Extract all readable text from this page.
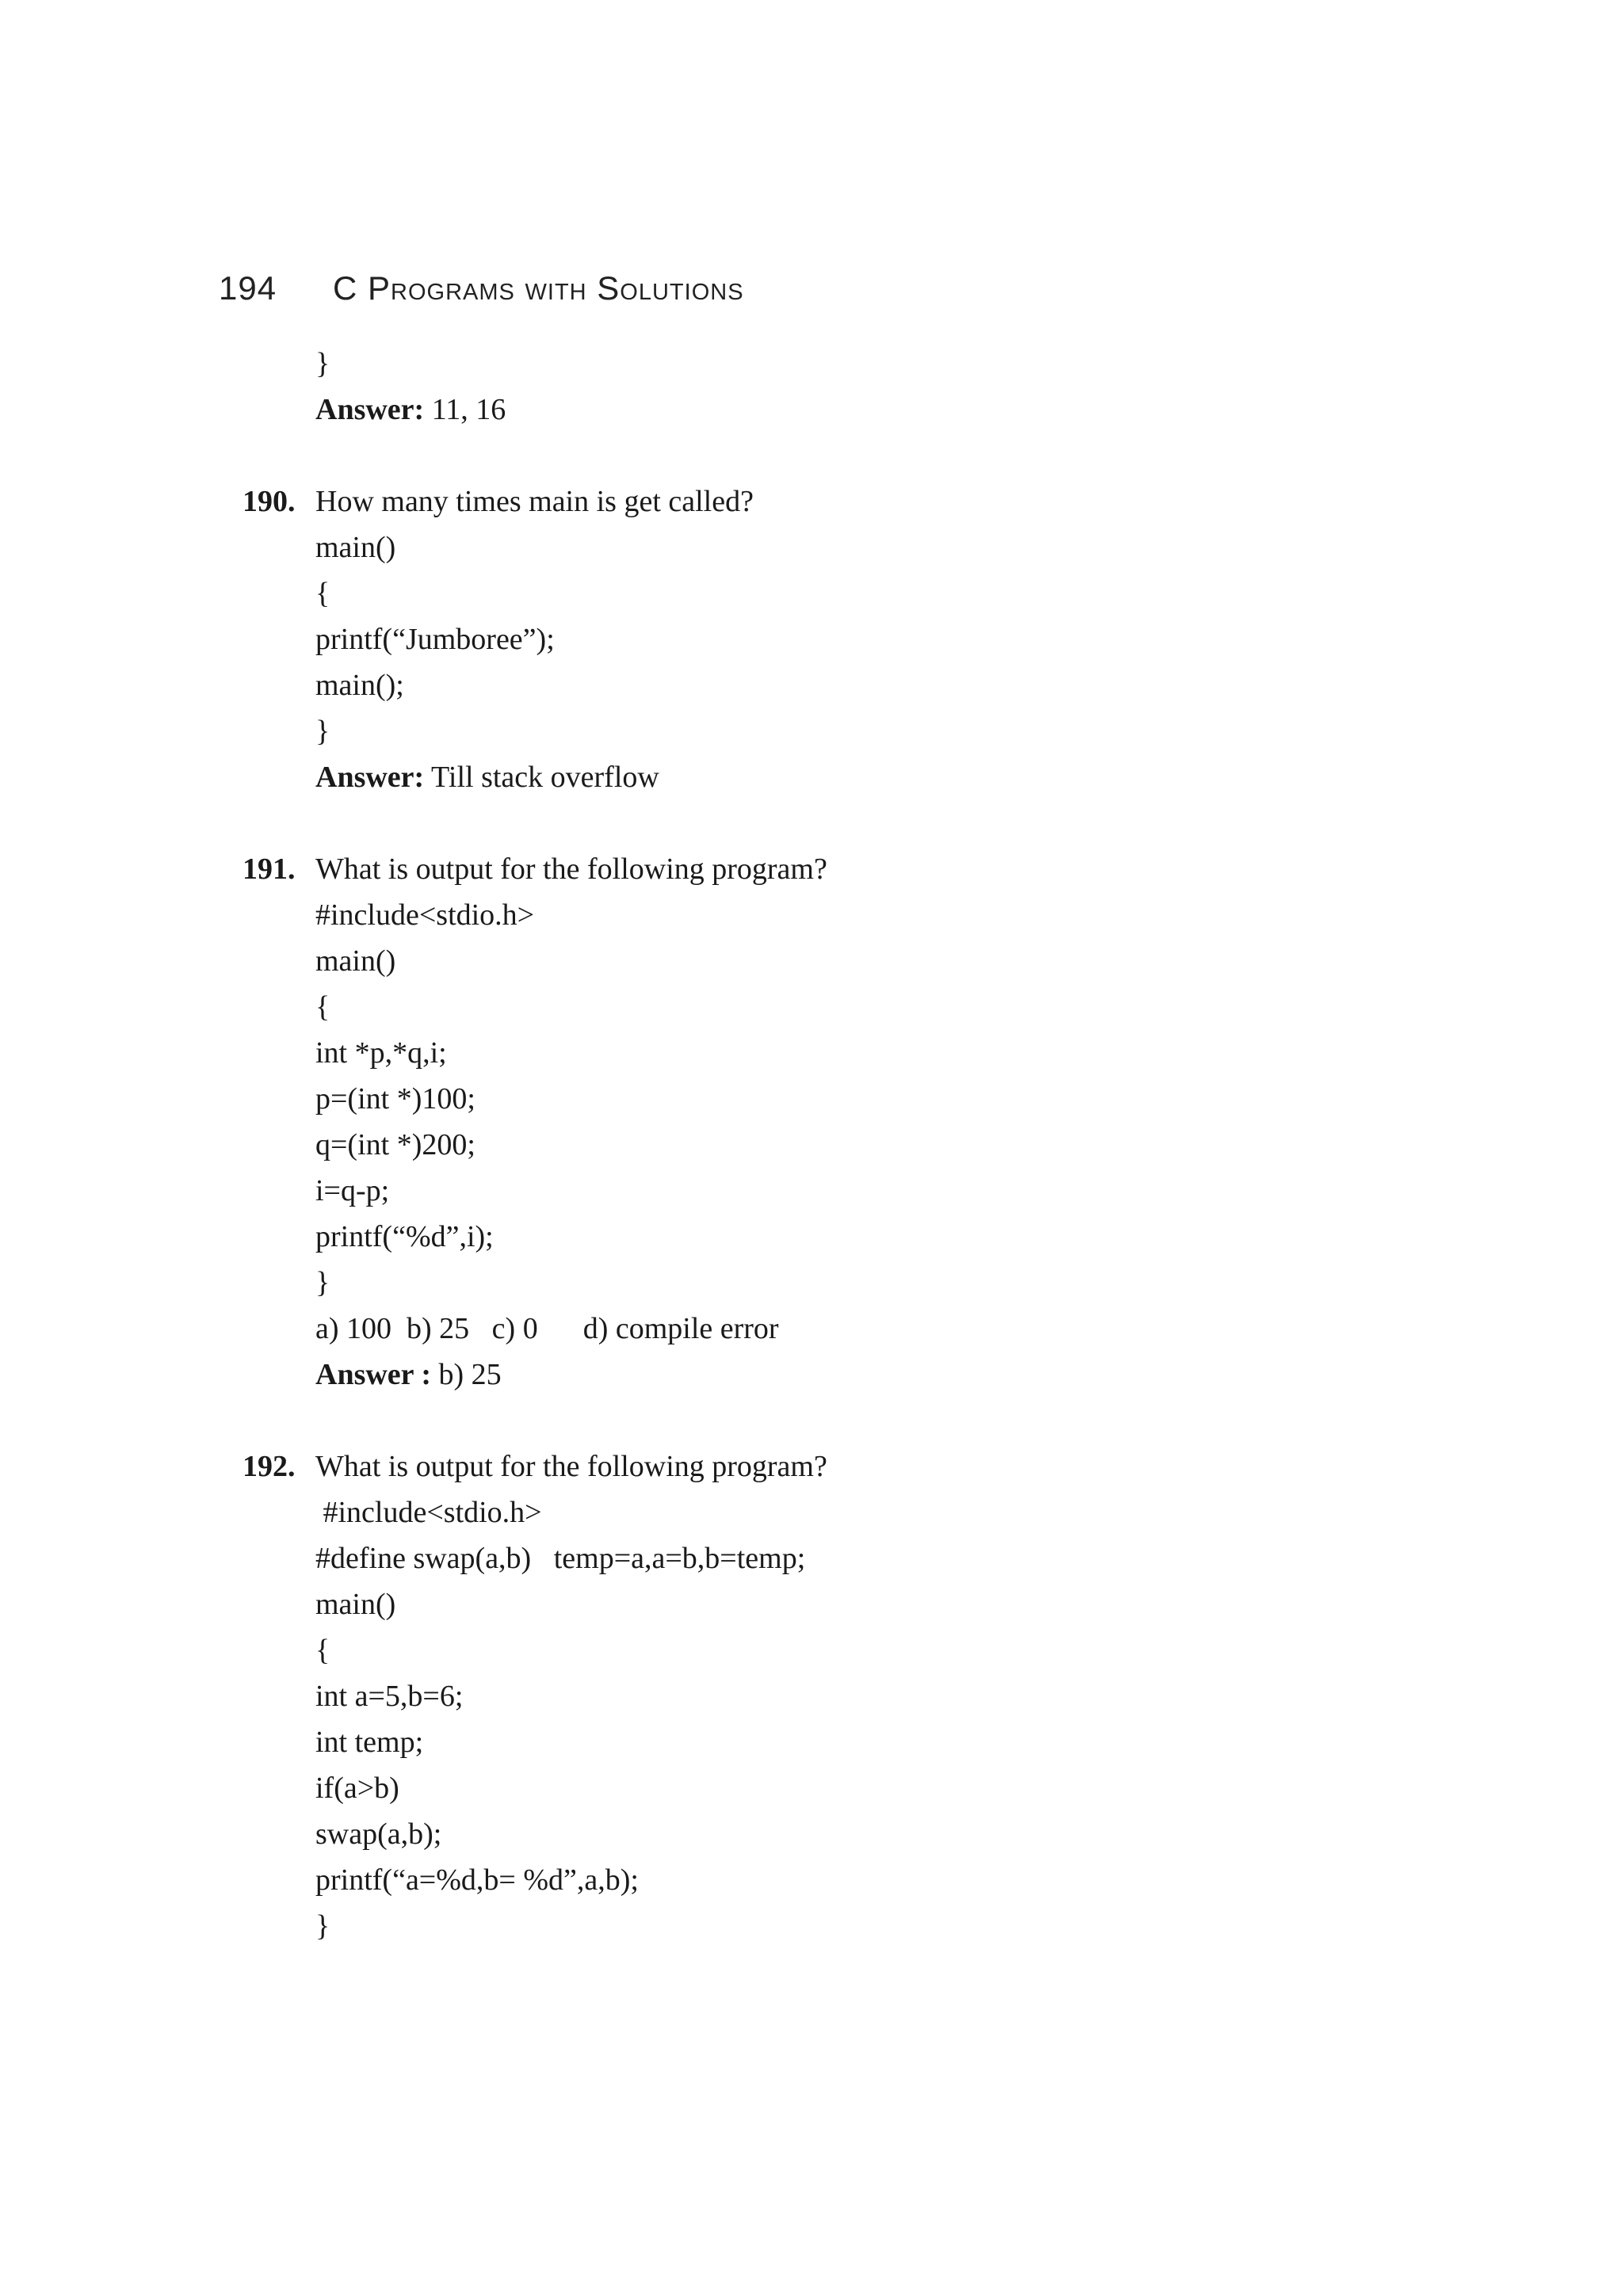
194 C Programs with Solutions
}
Answer: 11, 16
190. How many times main is get called?
main()
{
printf(“Jumboree”);
main();
}
Answer: Till stack overflow
191. What is output for the following program?
#include<stdio.h>
main()
{
int *p,*q,i;
p=(int *)100;
q=(int *)200;
i=q-p;
printf(“%d”,i);
}
a) 100  b) 25   c) 0      d) compile error
Answer : b) 25
192. What is output for the following program?
#include<stdio.h>
#define swap(a,b)   temp=a,a=b,b=temp;
main()
{
int a=5,b=6;
int temp;
if(a>b)
swap(a,b);
printf(“a=%d,b= %d”,a,b);
}
